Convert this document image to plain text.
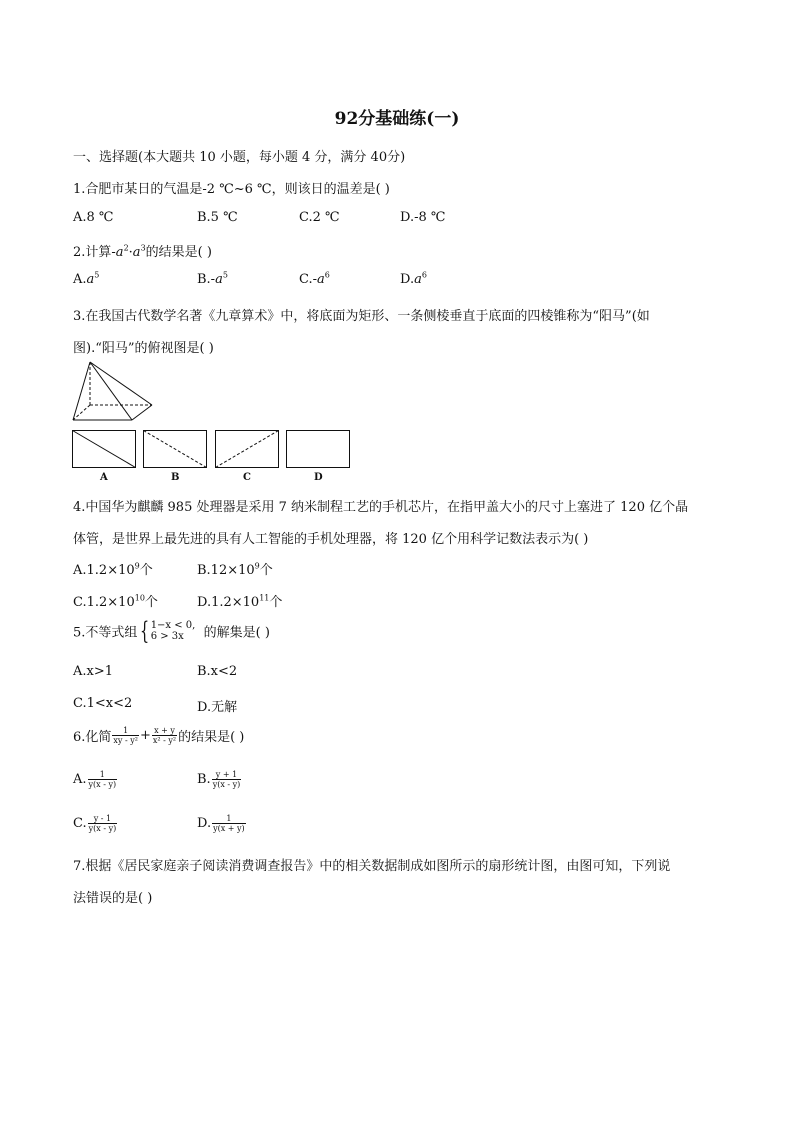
92分基础练(一)
一、选择题(本大题共 10 小题，每小题 4 分，满分 40分)
1.合肥市某日的气温是-2 ℃~6 ℃，则该日的温差是( )
A.8 ℃	B.5 ℃	C.2 ℃	D.-8 ℃
2.计算$-a^2\cdot a^3$的结果是( )
$A.a^5$	$B.-a^5$	$C.-a^6$	$D.a^6$
3.在我国古代数学名著《九章算术》中，将底面为矩形、一条侧棱垂直于底面的四棱锥称为“阳马”(如
图).“阳马”的俯视图是( )
A	B	C	D
4.中国华为麒麟 985 处理器是采用 7 纳米制程工艺的手机芯片，在指甲盖大小的尺寸上塞进了 120 亿个晶
体管，是世界上最先进的具有人工智能的手机处理器，将 120 亿个用科学记数法表示为( )
$A.1.2\times 10^9$个	$B.12\times 10^9$个
$C.1.2\times 10^{10}$个	$D.1.2\times 10^{11}$个
5.不等式组 { 1−x < 0,
6 > 3x	的解集是( )
A.x>1	B.x<2
C.1<x<2	D.无解
6.化简 $\frac{1}{\text{xy - y²}} + \frac{x + y}{\text{x² - y²}}$ 的结果是( )
A. $\frac{1}{y(x - y)}$	B. $\frac{y + 1}{y(x - y)}$
C. $\frac{y - 1}{y(x - y)}$	D. $\frac{1}{y(x + y)}$
7.根据《居民家庭亲子阅读消费调查报告》中的相关数据制成如图所示的扇形统计图，由图可知，下列说
法错误的是( )
